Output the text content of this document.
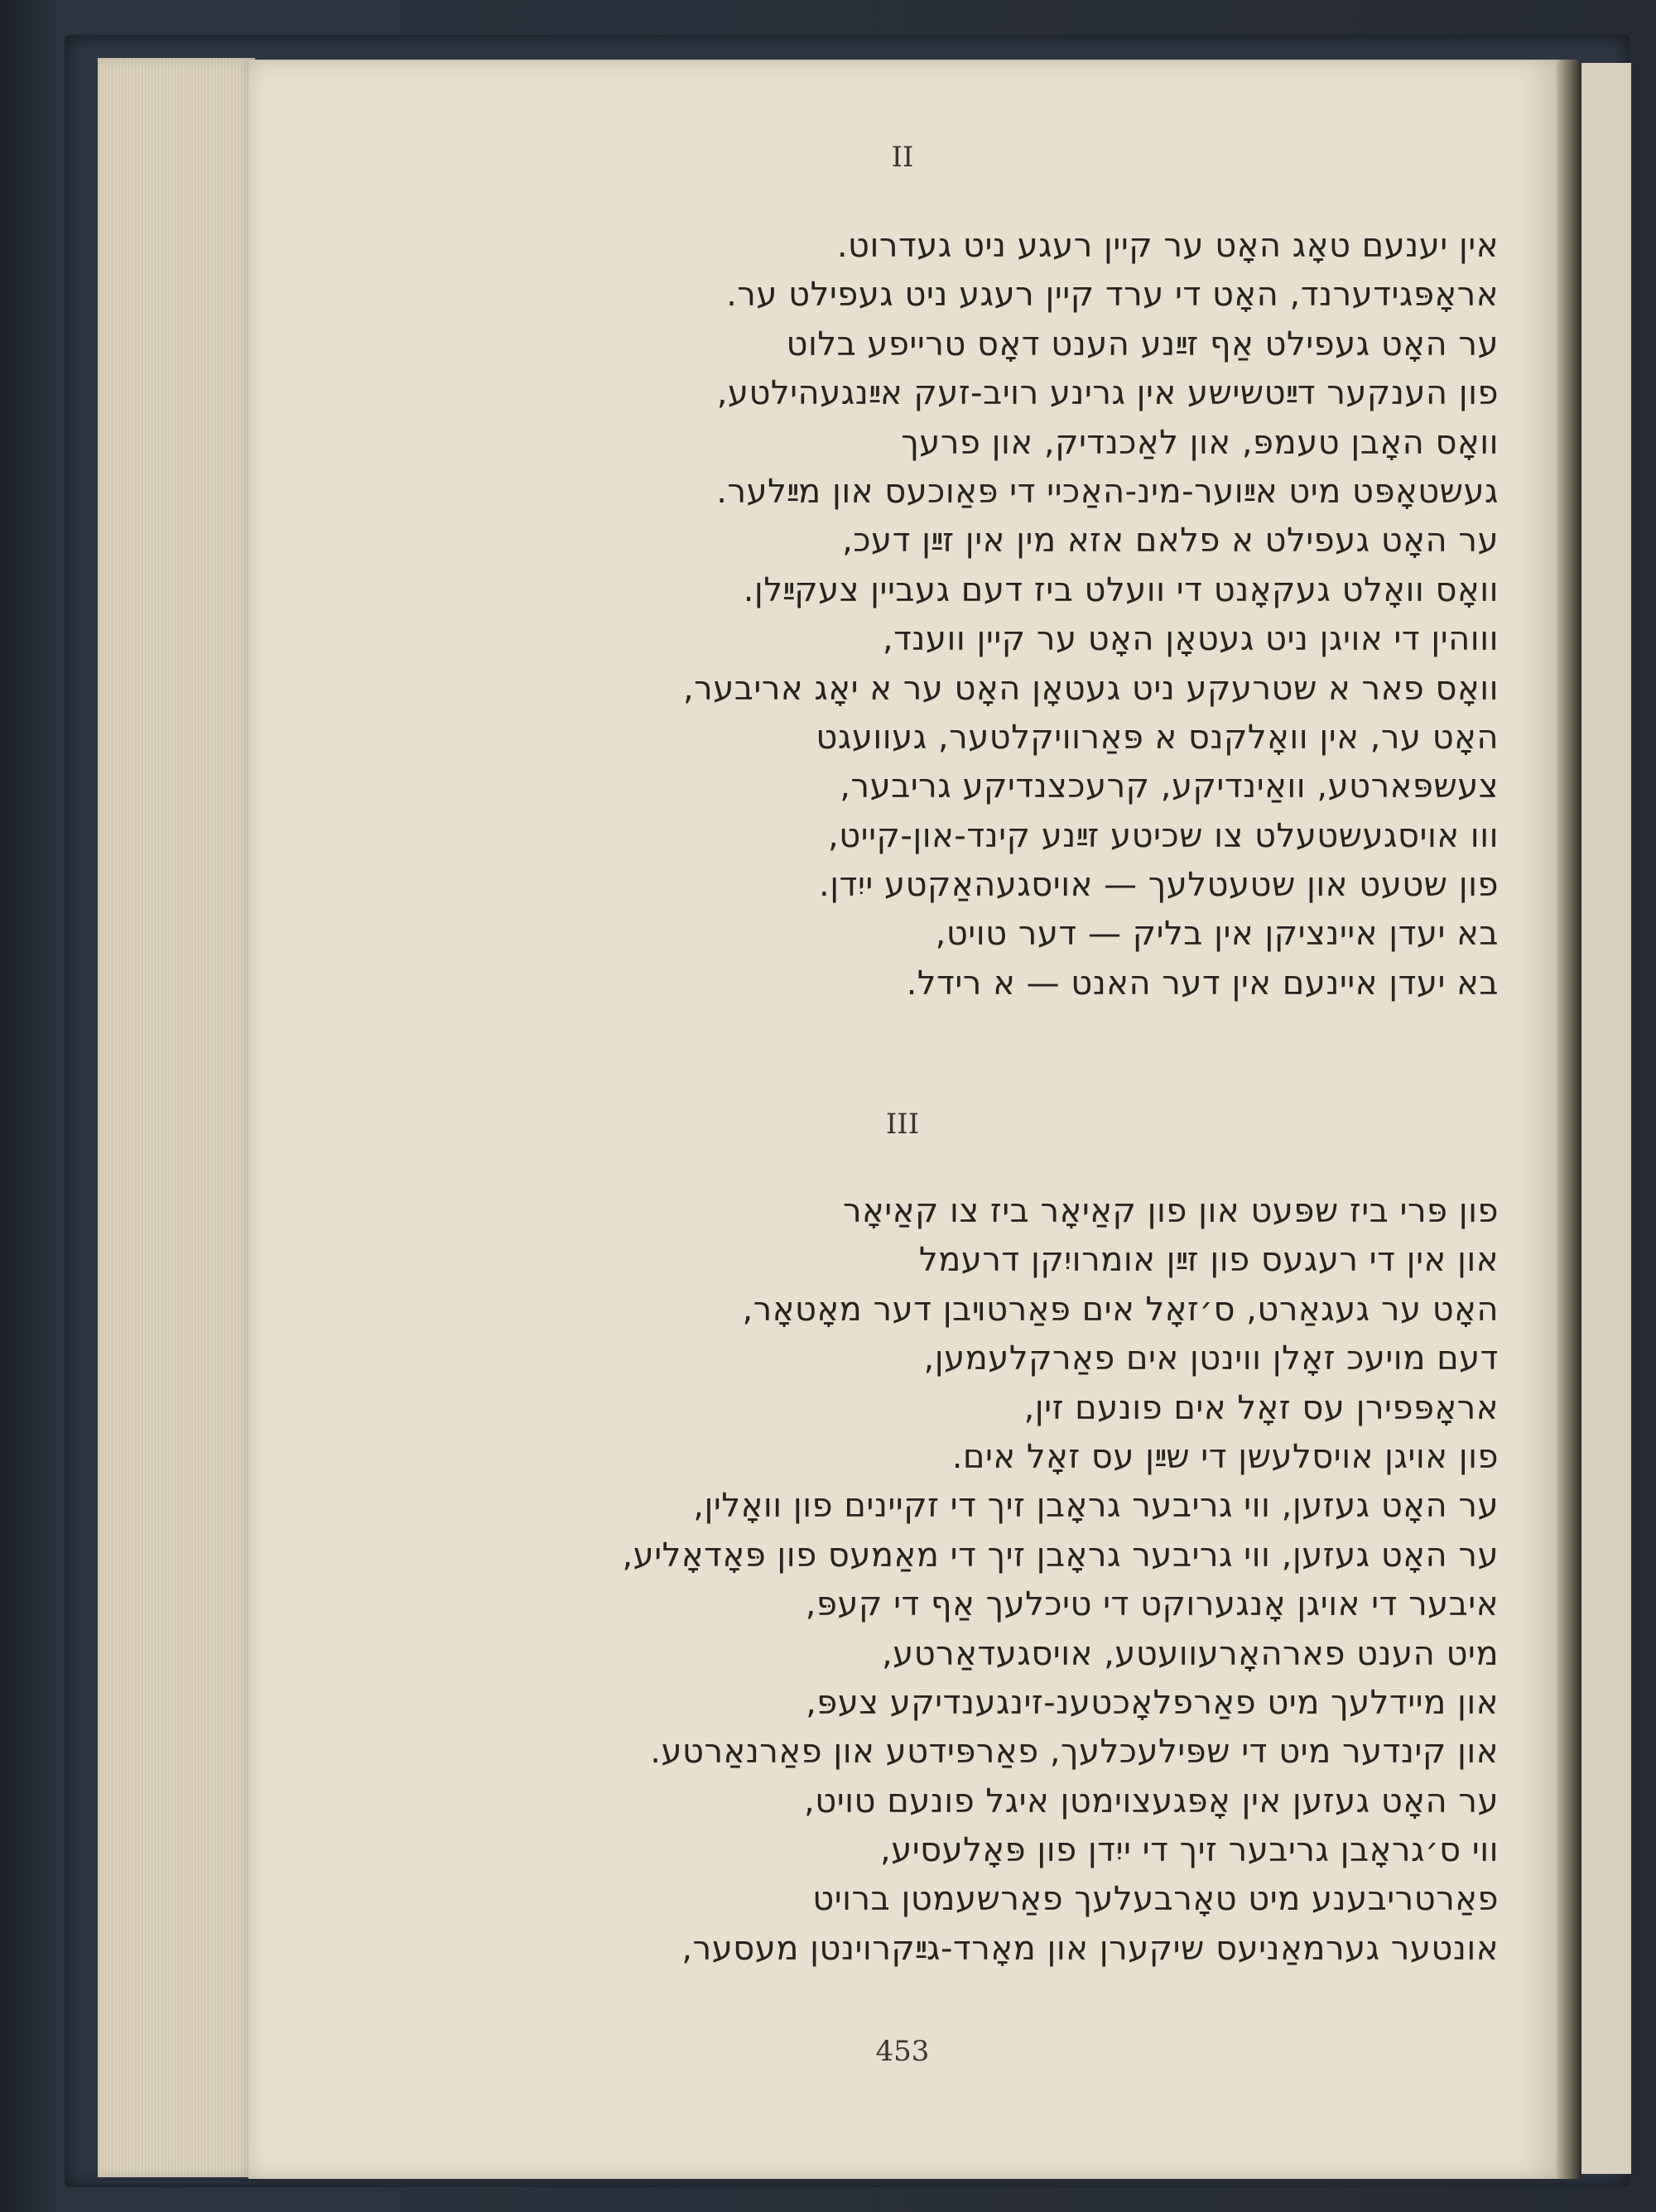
II
אין יענעם טאָג האָט ער קיין רעגע ניט געדרוט.
אראָפּגידערנד, האָט די ערד קיין רעגע ניט געפילט ער.
ער האָט געפילט אַף זײַנע הענט דאָס טרייפע בלוט
פון הענקער דײַטשישע אין גרינע רויב-זעק אײַנגעהילטע,
וואָס האָבן טעמפּ, און לאַכנדיק, און פרעך
געשטאָפּט מיט אײַוער-מינ-האַכיי די פּאַוכעס און מײַלער.
ער האָט געפילט א פלאם אזא מין אין זײַן דעכ,
וואָס וואָלט געקאָנט די וועלט ביז דעם געביין צעקײַלן.
וווהין די אויגן ניט געטאָן האָט ער קיין ווענד,
וואָס פאר א שטרעקע ניט געטאָן האָט ער א יאָג אריבער,
האָט ער, אין וואָלקנס א פּאַרוויקלטער, געוועגט
צעשפּארטע, וואַינדיקע, קרעכצנדיקע גריבער,
ווו אויסגעשטעלט צו שכיטע זײַנע קינד-און-קייט,
פון שטעט און שטעטלעך — אויסגעהאַקטע ייִדן.
בא יעדן איינציקן אין בליק — דער טויט,
בא יעדן איינעם אין דער האנט — א רידל.
III
פון פּרי ביז שפּעט און פון קאַיאָר ביז צו קאַיאָר
און אין די רעגעס פון זײַן אומרויִקן דרעמל
האָט ער געגאַרט, ס׳זאָל אים פּאַרטױבן דער מאָטאָר,
דעם מויעכ זאָלן ווינטן אים פאַרקלעמען,
אראָפּפירן עס זאָל אים פונעם זין,
פון אויגן אויסלעשן די שײַן עס זאָל אים.
ער האָט געזען, ווי גריבער גראָבן זיך די זקיינים פון וואָלין,
ער האָט געזען, ווי גריבער גראָבן זיך די מאַמעס פון פּאָדאָליע,
איבער די אויגן אָנגערוקט די טיכלעך אַף די קעפּ,
מיט הענט פארהאָרעוועטע, אויסגעדאַרטע,
און מיידלעך מיט פאַרפלאָכטענ-זינגענדיקע צעפּ,
און קינדער מיט די שפּילעכלעך, פאַרפּידטע און פאַרנאַרטע.
ער האָט געזען אין אָפּגעצוימטן איגל פונעם טויט,
ווי ס׳גראָבן גריבער זיך די ייִדן פון פּאָלעסיע,
פאַרטריבענע מיט טאָרבעלעך פאַרשעמטן ברויט
אונטער גערמאַניעס שיקערן און מאָרד-גײַקרוינטן מעסער,
453
